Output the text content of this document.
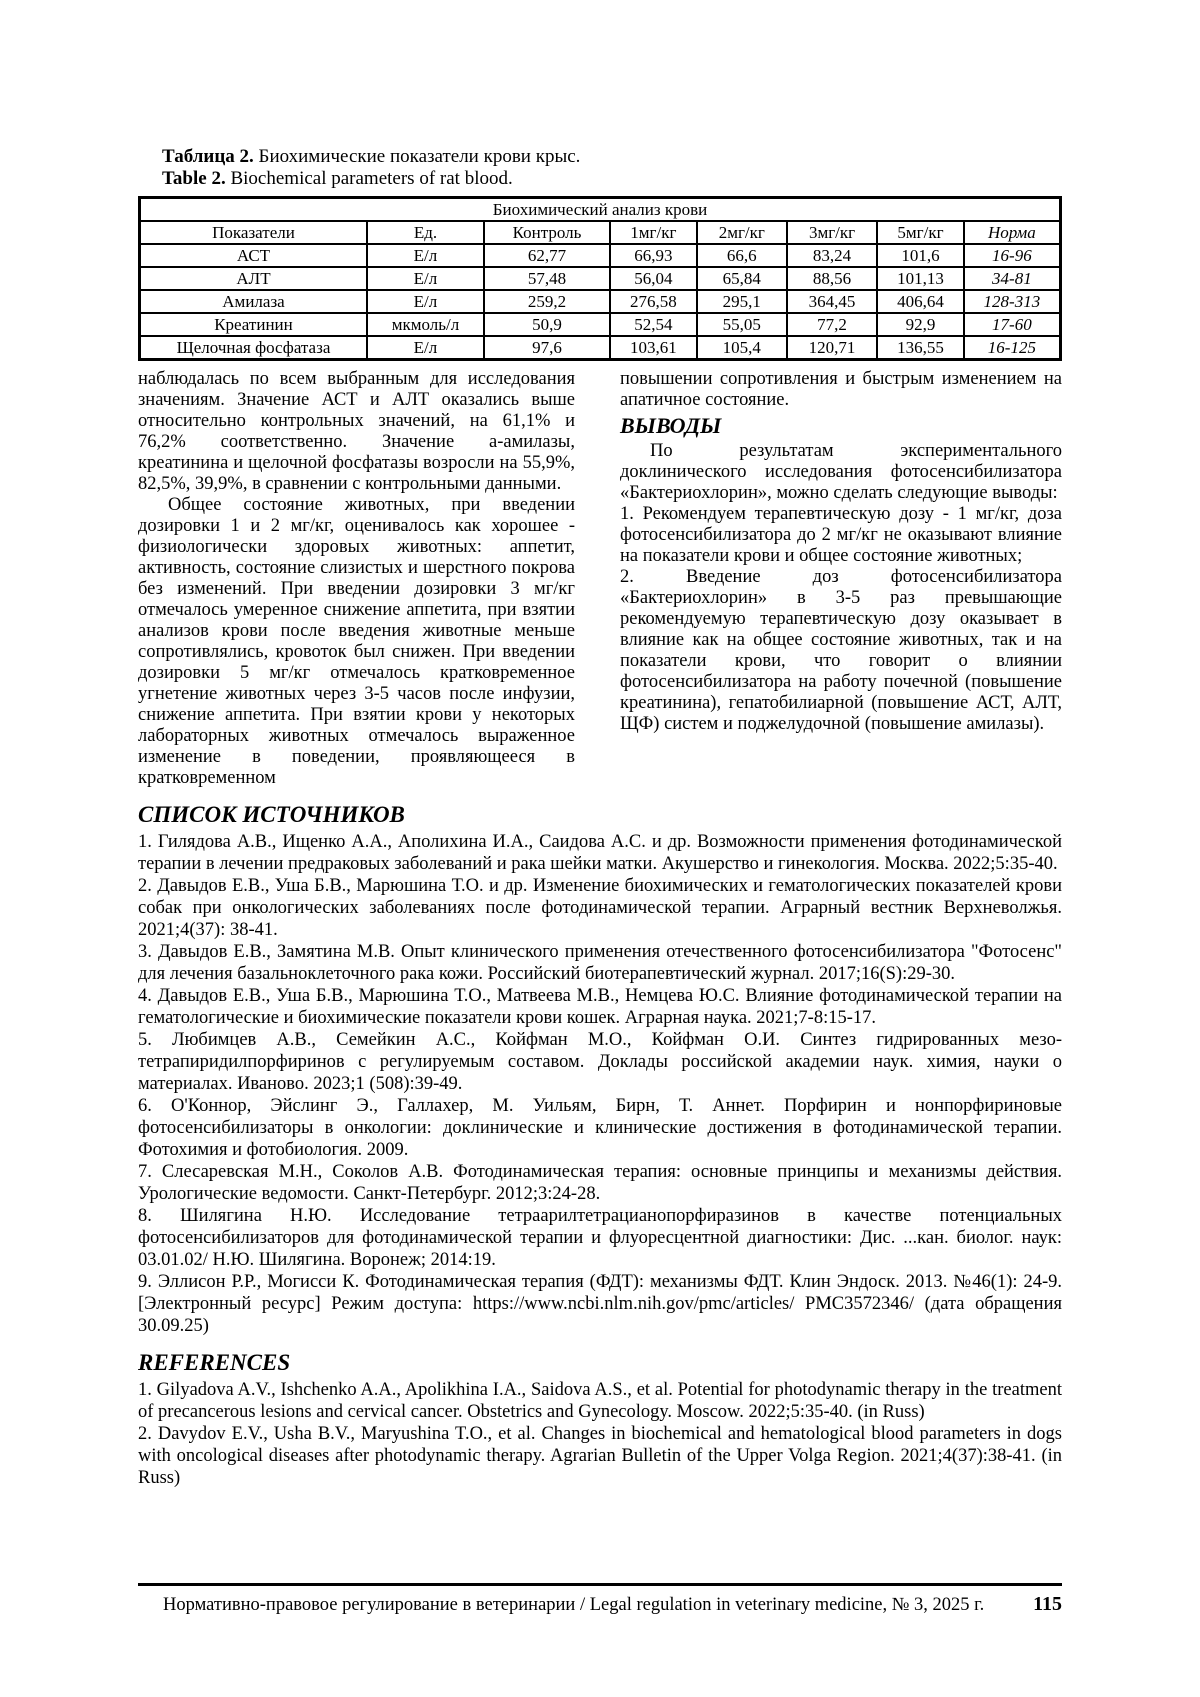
Таблица 2. Биохимические показатели крови крыс.
Table 2. Biochemical parameters of rat blood.
Биохимический анализ крови							
Показатели	Ед.	Контроль	1мг/кг	2мг/кг	3мг/кг	5мг/кг	Норма
АСТ	Е/л	62,77	66,93	66,6	83,24	101,6	16-96
АЛТ	Е/л	57,48	56,04	65,84	88,56	101,13	34-81
Амилаза	Е/л	259,2	276,58	295,1	364,45	406,64	128-313
Креатинин	мкмоль/л	50,9	52,54	55,05	77,2	92,9	17-60
Щелочная фосфатаза	Е/л	97,6	103,61	105,4	120,71	136,55	16-125

наблюдалась по всем выбранным для исследования значениям. Значение АСТ и АЛТ оказались выше относительно контрольных значений, на 61,1% и 76,2% соответственно. Значение а-амилазы, креатинина и щелочной фосфатазы возросли на 55,9%, 82,5%, 39,9%, в сравнении с контрольными данными.

Общее состояние животных, при введении дозировки 1 и 2 мг/кг, оценивалось как хорошее - физиологически здоровых животных: аппетит, активность, состояние слизистых и шерстного покрова без изменений. При введении дозировки 3 мг/кг отмечалось умеренное снижение аппетита, при взятии анализов крови после введения животные меньше сопротивлялись, кровоток был снижен. При введении дозировки 5 мг/кг отмечалось кратковременное угнетение животных через 3-5 часов после инфузии, снижение аппетита. При взятии крови у некоторых лабораторных животных отмечалось выраженное изменение в поведении, проявляющееся в кратковременном

повышении сопротивления и быстрым изменением на апатичное состояние.

ВЫВОДЫ

По результатам экспериментального доклинического исследования фотосенсибилизатора «Бактериохлорин», можно сделать следующие выводы:

1. Рекомендуем терапевтическую дозу - 1 мг/кг, доза фотосенсибилизатора до 2 мг/кг не оказывают влияние на показатели крови и общее состояние животных;

2. Введение доз фотосенсибилизатора «Бактериохлорин» в 3-5 раз превышающие рекомендуемую терапевтическую дозу оказывает в влияние как на общее состояние животных, так и на показатели крови, что говорит о влиянии фотосенсибилизатора на работу почечной (повышение креатинина), гепатобилиарной (повышение АСТ, АЛТ, ЩФ) систем и поджелудочной (повышение амилазы).

СПИСОК ИСТОЧНИКОВ

1. Гилядова А.В., Ищенко А.А., Аполихина И.А., Саидова А.С. и др. Возможности применения фотодинамической терапии в лечении предраковых заболеваний и рака шейки матки. Акушерство и гинекология. Москва. 2022;5:35-40.

2. Давыдов Е.В., Уша Б.В., Марюшина Т.О. и др. Изменение биохимических и гематологических показателей крови собак при онкологических заболеваниях после фотодинамической терапии. Аграрный вестник Верхневолжья. 2021;4(37): 38-41.

3. Давыдов Е.В., Замятина М.В. Опыт клинического применения отечественного фотосенсибилизатора "Фотосенс" для лечения базальноклеточного рака кожи. Российский биотерапевтический журнал. 2017;16(S):29-30.

4. Давыдов Е.В., Уша Б.В., Марюшина Т.О., Матвеева М.В., Немцева Ю.С. Влияние фотодинамической терапии на гематологические и биохимические показатели крови кошек. Аграрная наука. 2021;7-8:15-17.

5. Любимцев А.В., Семейкин А.С., Койфман М.О., Койфман О.И. Синтез гидрированных мезо-тетрапиридилпорфиринов с регулируемым составом. Доклады российской академии наук. химия, науки о материалах. Иваново. 2023;1 (508):39-49.

6. О'Коннор, Эйслинг Э., Галлахер, М. Уильям, Бирн, Т. Аннет. Порфирин и нонпорфириновые фотосенсибилизаторы в онкологии: доклинические и клинические достижения в фотодинамической терапии. Фотохимия и фотобиология. 2009.

7. Слесаревская М.Н., Соколов А.В. Фотодинамическая терапия: основные принципы и механизмы действия. Урологические ведомости. Санкт-Петербург. 2012;3:24-28.

8. Шилягина Н.Ю. Исследование тетраарилтетрацианопорфиразинов в качестве потенциальных фотосенсибилизаторов для фотодинамической терапии и флуоресцентной диагностики: Дис. ...кан. биолог. наук: 03.01.02/ Н.Ю. Шилягина. Воронеж; 2014:19.

9. Эллисон Р.Р., Могисси К. Фотодинамическая терапия (ФДТ): механизмы ФДТ. Клин Эндоск. 2013. №46(1): 24-9. [Электронный ресурс] Режим доступа: https://www.ncbi.nlm.nih.gov/pmc/articles/ PMC3572346/ (дата обращения 30.09.25)

REFERENCES

1. Gilyadova A.V., Ishchenko A.A., Apolikhina I.A., Saidova A.S., et al. Potential for photodynamic therapy in the treatment of precancerous lesions and cervical cancer. Obstetrics and Gynecology. Moscow. 2022;5:35-40. (in Russ)

2. Davydov E.V., Usha B.V., Maryushina T.O., et al. Changes in biochemical and hematological blood parameters in dogs with oncological diseases after photodynamic therapy. Agrarian Bulletin of the Upper Volga Region. 2021;4(37):38-41. (in Russ)

Нормативно-правовое регулирование в ветеринарии / Legal regulation in veterinary medicine, № 3, 2025 г. 115
